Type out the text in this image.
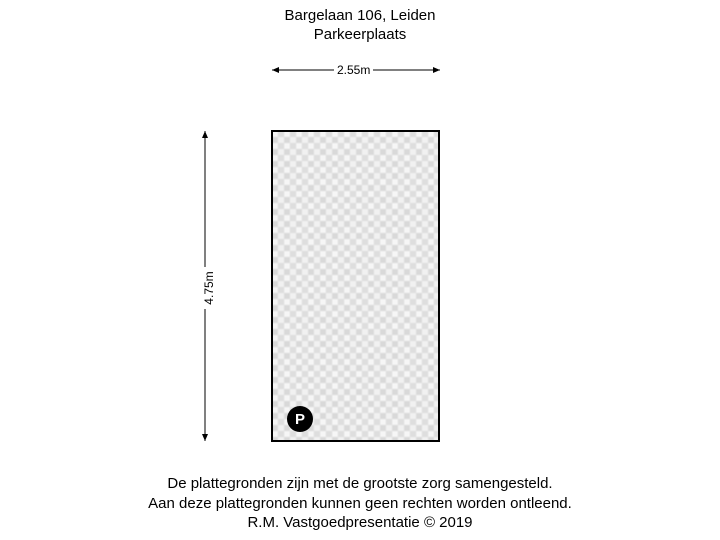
Bargelaan 106, Leiden
Parkeerplaats
2.55m
4.75m
P
De plattegronden zijn met de grootste zorg samengesteld.
Aan deze plattegronden kunnen geen rechten worden ontleend.
R.M. Vastgoedpresentatie © 2019
